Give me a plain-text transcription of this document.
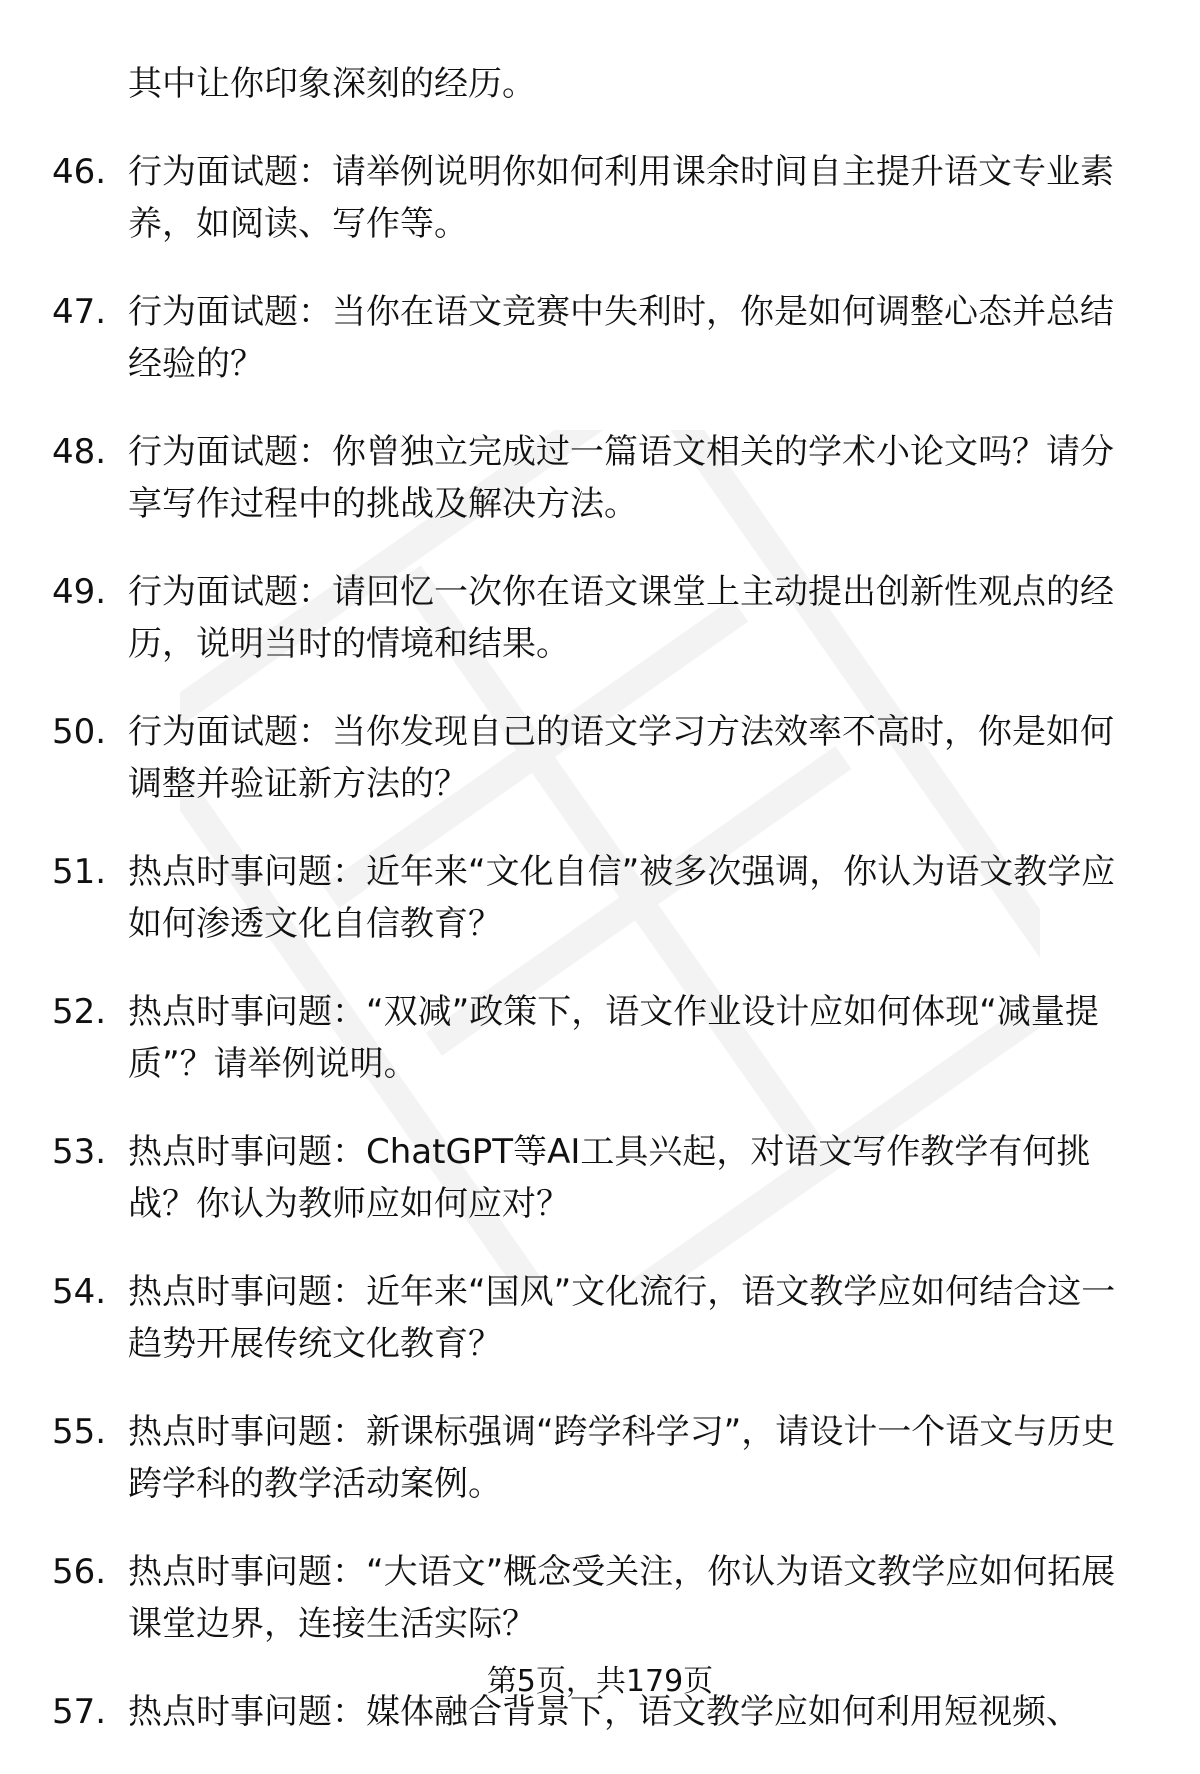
其中让你印象深刻的经历。
46. 行为面试题：请举例说明你如何利用课余时间自主提升语文专业素养，如阅读、写作等。
47. 行为面试题：当你在语文竞赛中失利时，你是如何调整心态并总结经验的？
48. 行为面试题：你曾独立完成过一篇语文相关的学术小论文吗？请分享写作过程中的挑战及解决方法。
49. 行为面试题：请回忆一次你在语文课堂上主动提出创新性观点的经历，说明当时的情境和结果。
50. 行为面试题：当你发现自己的语文学习方法效率不高时，你是如何调整并验证新方法的？
51. 热点时事问题：近年来“文化自信”被多次强调，你认为语文教学应如何渗透文化自信教育？
52. 热点时事问题：“双减”政策下，语文作业设计应如何体现“减量提质”？请举例说明。
53. 热点时事问题：ChatGPT等AI工具兴起，对语文写作教学有何挑战？你认为教师应如何应对？
54. 热点时事问题：近年来“国风”文化流行，语文教学应如何结合这一趋势开展传统文化教育？
55. 热点时事问题：新课标强调“跨学科学习”，请设计一个语文与历史跨学科的教学活动案例。
56. 热点时事问题：“大语文”概念受关注，你认为语文教学应如何拓展课堂边界，连接生活实际？
57. 热点时事问题：媒体融合背景下，语文教学应如何利用短视频、
第5页，共179页
